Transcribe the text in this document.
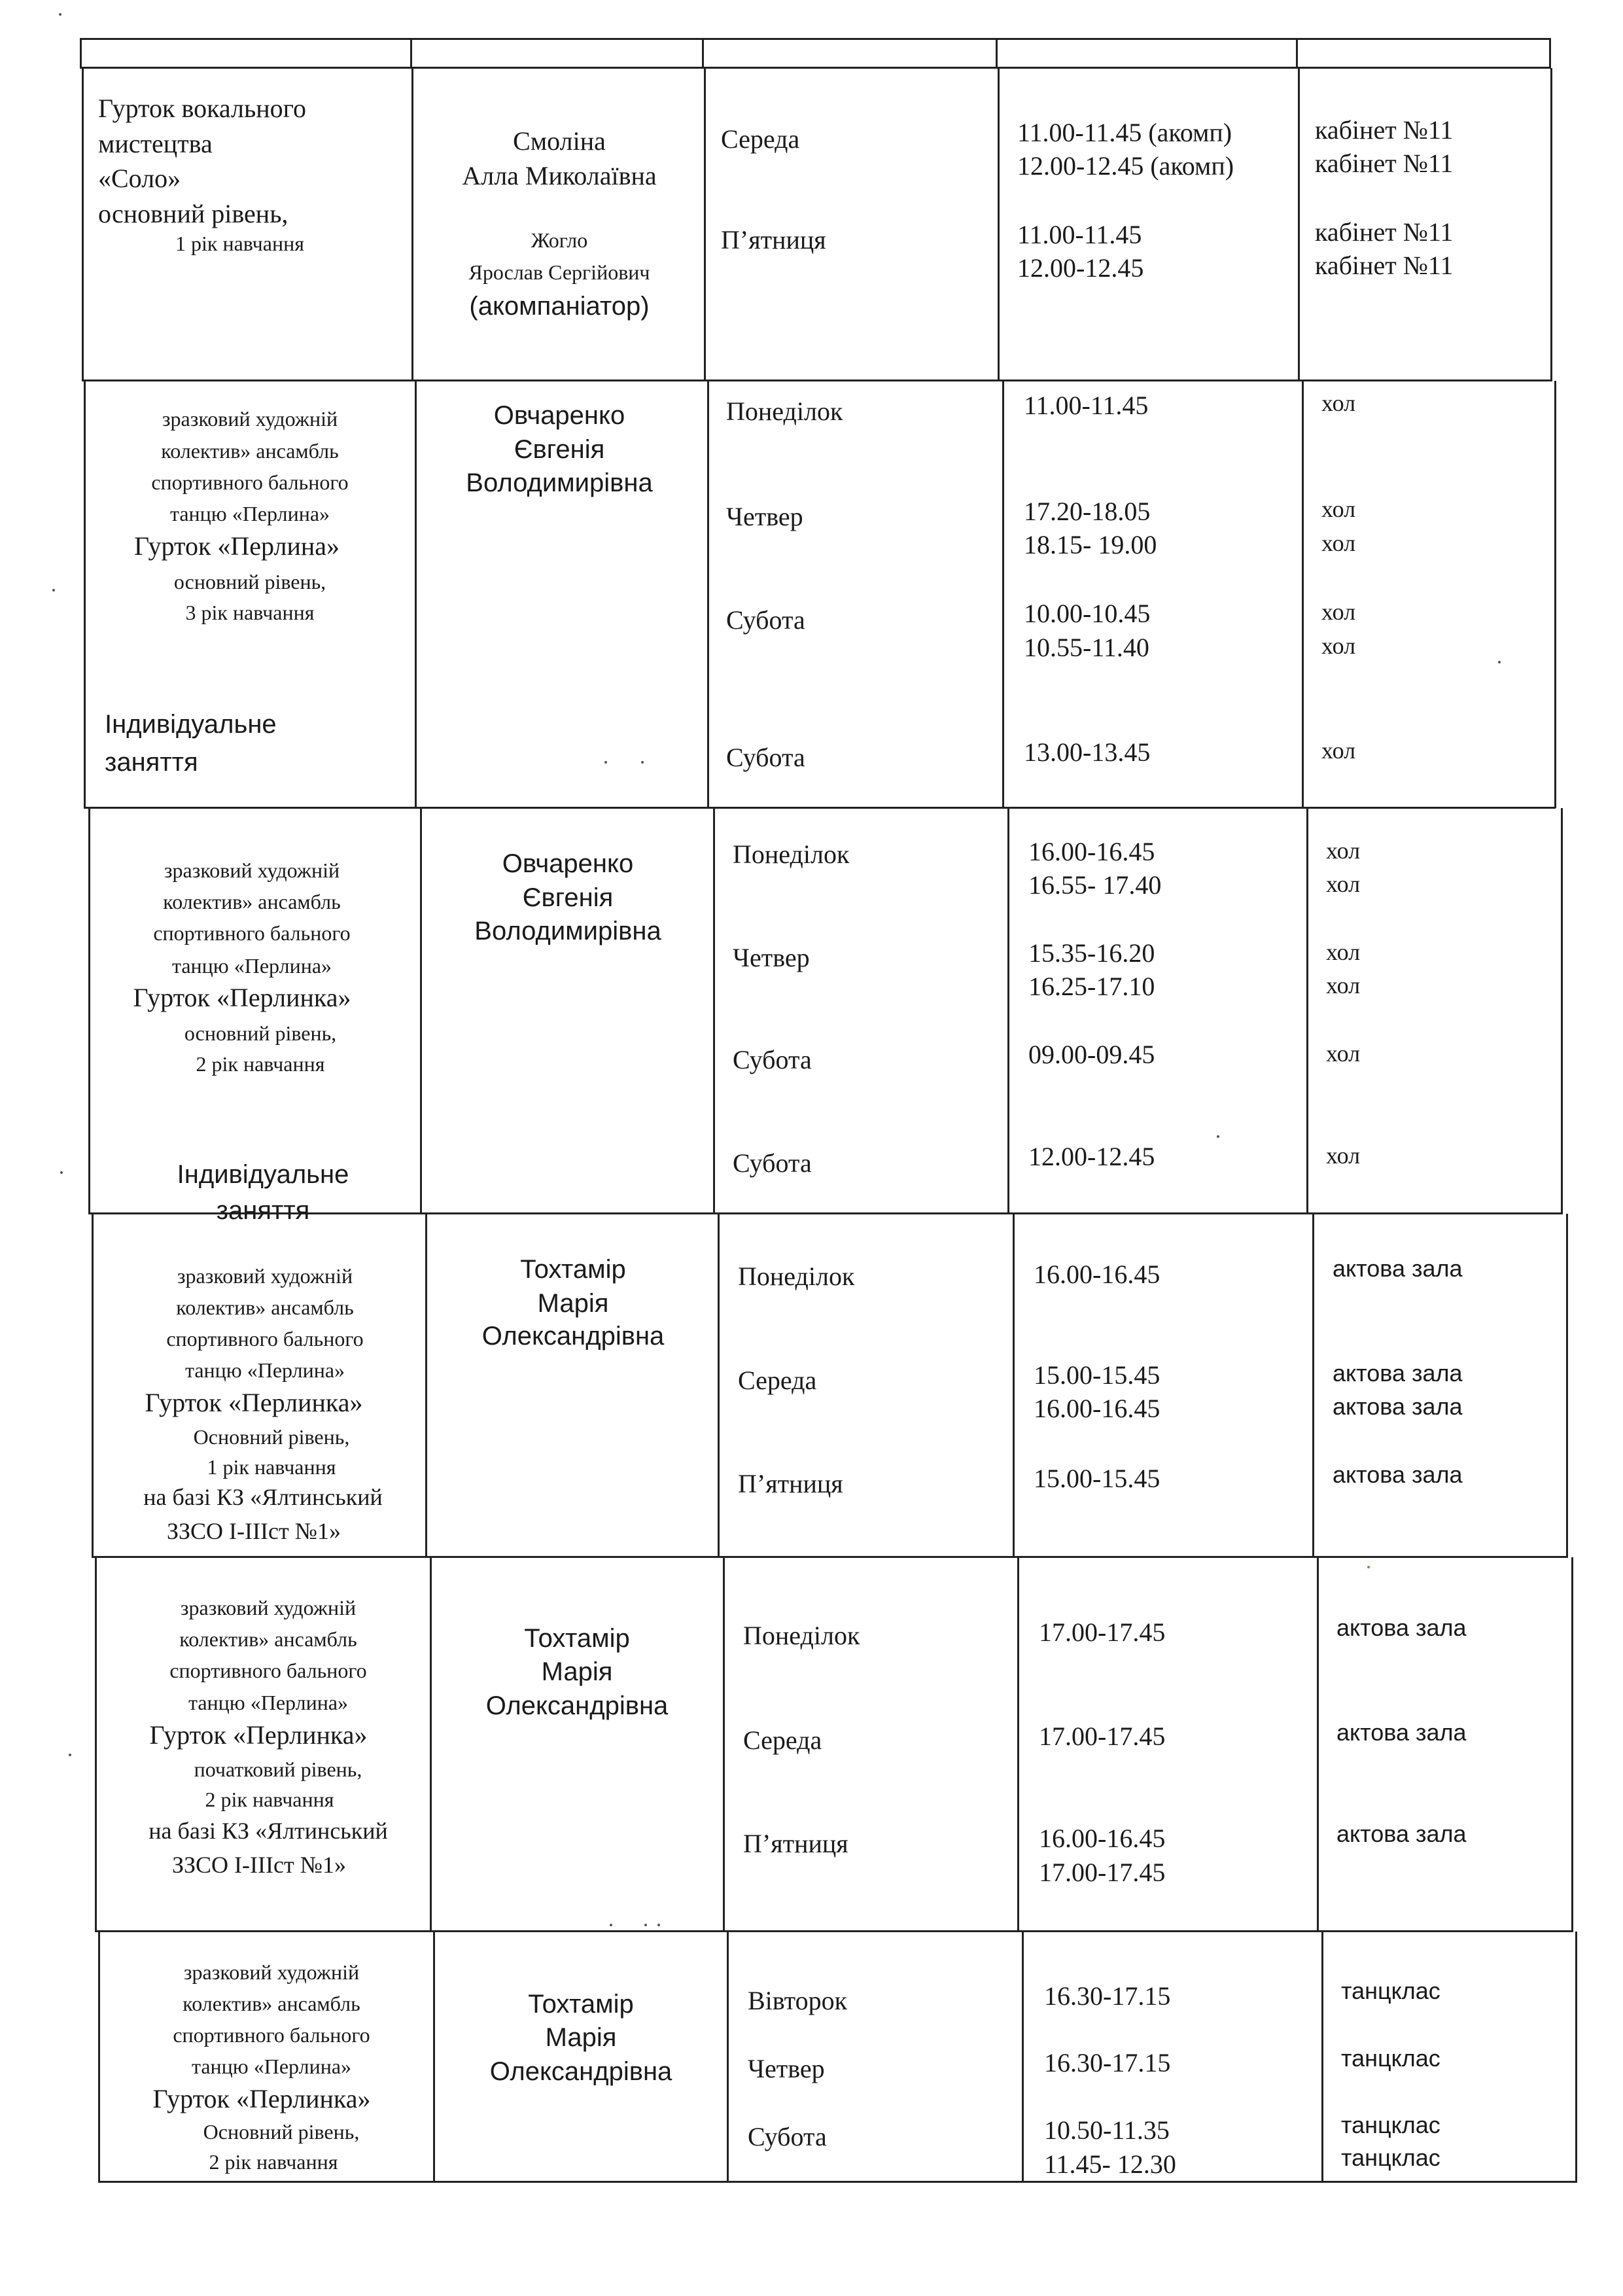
Гурток вокального
мистецтва
«Соло»
основний рівень,
1 рік навчання
Смоліна
Алла Миколаївна
Жогло
Ярослав Сергійович
(акомпаніатор)
Середа
П’ятниця
11.00-11.45 (акомп)
12.00-12.45 (акомп)
11.00-11.45
12.00-12.45
кабінет №11
кабінет №11
кабінет №11
кабінет №11
зразковий художній
колектив» ансамбль
спортивного бального
танцю «Перлина»
Гурток «Перлина»
основний рівень,
3 рік навчання
Індивідуальне
заняття
Овчаренко
Євгенія
Володимирівна
Понеділок
Четвер
Субота
Субота
11.00-11.45
17.20-18.05
18.15- 19.00
10.00-10.45
10.55-11.40
13.00-13.45
хол
хол
хол
хол
хол
хол
зразковий художній
колектив» ансамбль
спортивного бального
танцю «Перлина»
Гурток «Перлинка»
основний рівень,
2 рік навчання
Індивідуальне
заняття
Овчаренко
Євгенія
Володимирівна
Понеділок
Четвер
Субота
Субота
16.00-16.45
16.55- 17.40
15.35-16.20
16.25-17.10
09.00-09.45
12.00-12.45
хол
хол
хол
хол
хол
хол
зразковий художній
колектив» ансамбль
спортивного бального
танцю «Перлина»
Гурток «Перлинка»
Основний рівень,
1 рік навчання
на базі КЗ «Ялтинський
ЗЗСО І-ІІІст №1»
Тохтамір
Марія
Олександрівна
Понеділок
Середа
П’ятниця
16.00-16.45
15.00-15.45
16.00-16.45
15.00-15.45
актова зала
актова зала
актова зала
актова зала
зразковий художній
колектив» ансамбль
спортивного бального
танцю «Перлина»
Гурток «Перлинка»
початковий рівень,
2 рік навчання
на базі КЗ «Ялтинський
ЗЗСО І-ІІІст №1»
Тохтамір
Марія
Олександрівна
Понеділок
Середа
П’ятниця
17.00-17.45
17.00-17.45
16.00-16.45
17.00-17.45
актова зала
актова зала
актова зала
зразковий художній
колектив» ансамбль
спортивного бального
танцю «Перлина»
Гурток «Перлинка»
Основний рівень,
2 рік навчання
Тохтамір
Марія
Олександрівна
Вівторок
Четвер
Субота
16.30-17.15
16.30-17.15
10.50-11.35
11.45- 12.30
танцклас
танцклас
танцклас
танцклас
